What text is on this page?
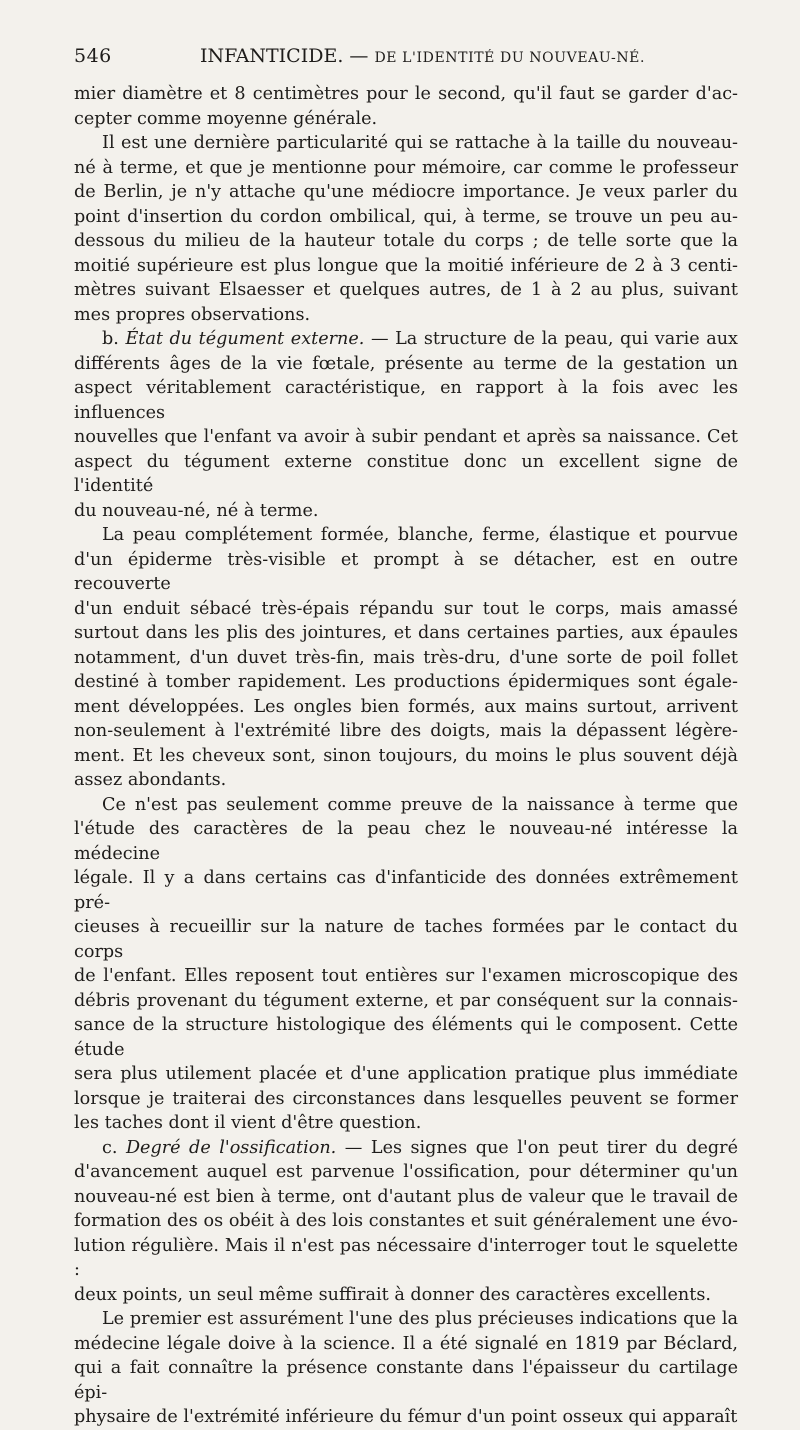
546	INFANTICIDE. — DE L'IDENTITÉ DU NOUVEAU-NÉ.
mier diamètre et 8 centimètres pour le second, qu'il faut se garder d'ac-
cepter comme moyenne générale.
Il est une dernière particularité qui se rattache à la taille du nouveau-
né à terme, et que je mentionne pour mémoire, car comme le professeur
de Berlin, je n'y attache qu'une médiocre importance. Je veux parler du
point d'insertion du cordon ombilical, qui, à terme, se trouve un peu au-
dessous du milieu de la hauteur totale du corps ; de telle sorte que la
moitié supérieure est plus longue que la moitié inférieure de 2 à 3 centi-
mètres suivant Elsaesser et quelques autres, de 1 à 2 au plus, suivant
mes propres observations.
b. État du tégument externe. — La structure de la peau, qui varie aux
différents âges de la vie fœtale, présente au terme de la gestation un
aspect véritablement caractéristique, en rapport à la fois avec les influences
nouvelles que l'enfant va avoir à subir pendant et après sa naissance. Cet
aspect du tégument externe constitue donc un excellent signe de l'identité
du nouveau-né, né à terme.
La peau complétement formée, blanche, ferme, élastique et pourvue
d'un épiderme très-visible et prompt à se détacher, est en outre recouverte
d'un enduit sébacé très-épais répandu sur tout le corps, mais amassé
surtout dans les plis des jointures, et dans certaines parties, aux épaules
notamment, d'un duvet très-fin, mais très-dru, d'une sorte de poil follet
destiné à tomber rapidement. Les productions épidermiques sont égale-
ment développées. Les ongles bien formés, aux mains surtout, arrivent
non-seulement à l'extrémité libre des doigts, mais la dépassent légère-
ment. Et les cheveux sont, sinon toujours, du moins le plus souvent déjà
assez abondants.
Ce n'est pas seulement comme preuve de la naissance à terme que
l'étude des caractères de la peau chez le nouveau-né intéresse la médecine
légale. Il y a dans certains cas d'infanticide des données extrêmement pré-
cieuses à recueillir sur la nature de taches formées par le contact du corps
de l'enfant. Elles reposent tout entières sur l'examen microscopique des
débris provenant du tégument externe, et par conséquent sur la connais-
sance de la structure histologique des éléments qui le composent. Cette étude
sera plus utilement placée et d'une application pratique plus immédiate
lorsque je traiterai des circonstances dans lesquelles peuvent se former
les taches dont il vient d'être question.
c. Degré de l'ossification. — Les signes que l'on peut tirer du degré
d'avancement auquel est parvenue l'ossification, pour déterminer qu'un
nouveau-né est bien à terme, ont d'autant plus de valeur que le travail de
formation des os obéit à des lois constantes et suit généralement une évo-
lution régulière. Mais il n'est pas nécessaire d'interroger tout le squelette :
deux points, un seul même suffirait à donner des caractères excellents.
Le premier est assurément l'une des plus précieuses indications que la
médecine légale doive à la science. Il a été signalé en 1819 par Béclard,
qui a fait connaître la présence constante dans l'épaisseur du cartilage épi-
physaire de l'extrémité inférieure du fémur d'un point osseux qui apparaît
